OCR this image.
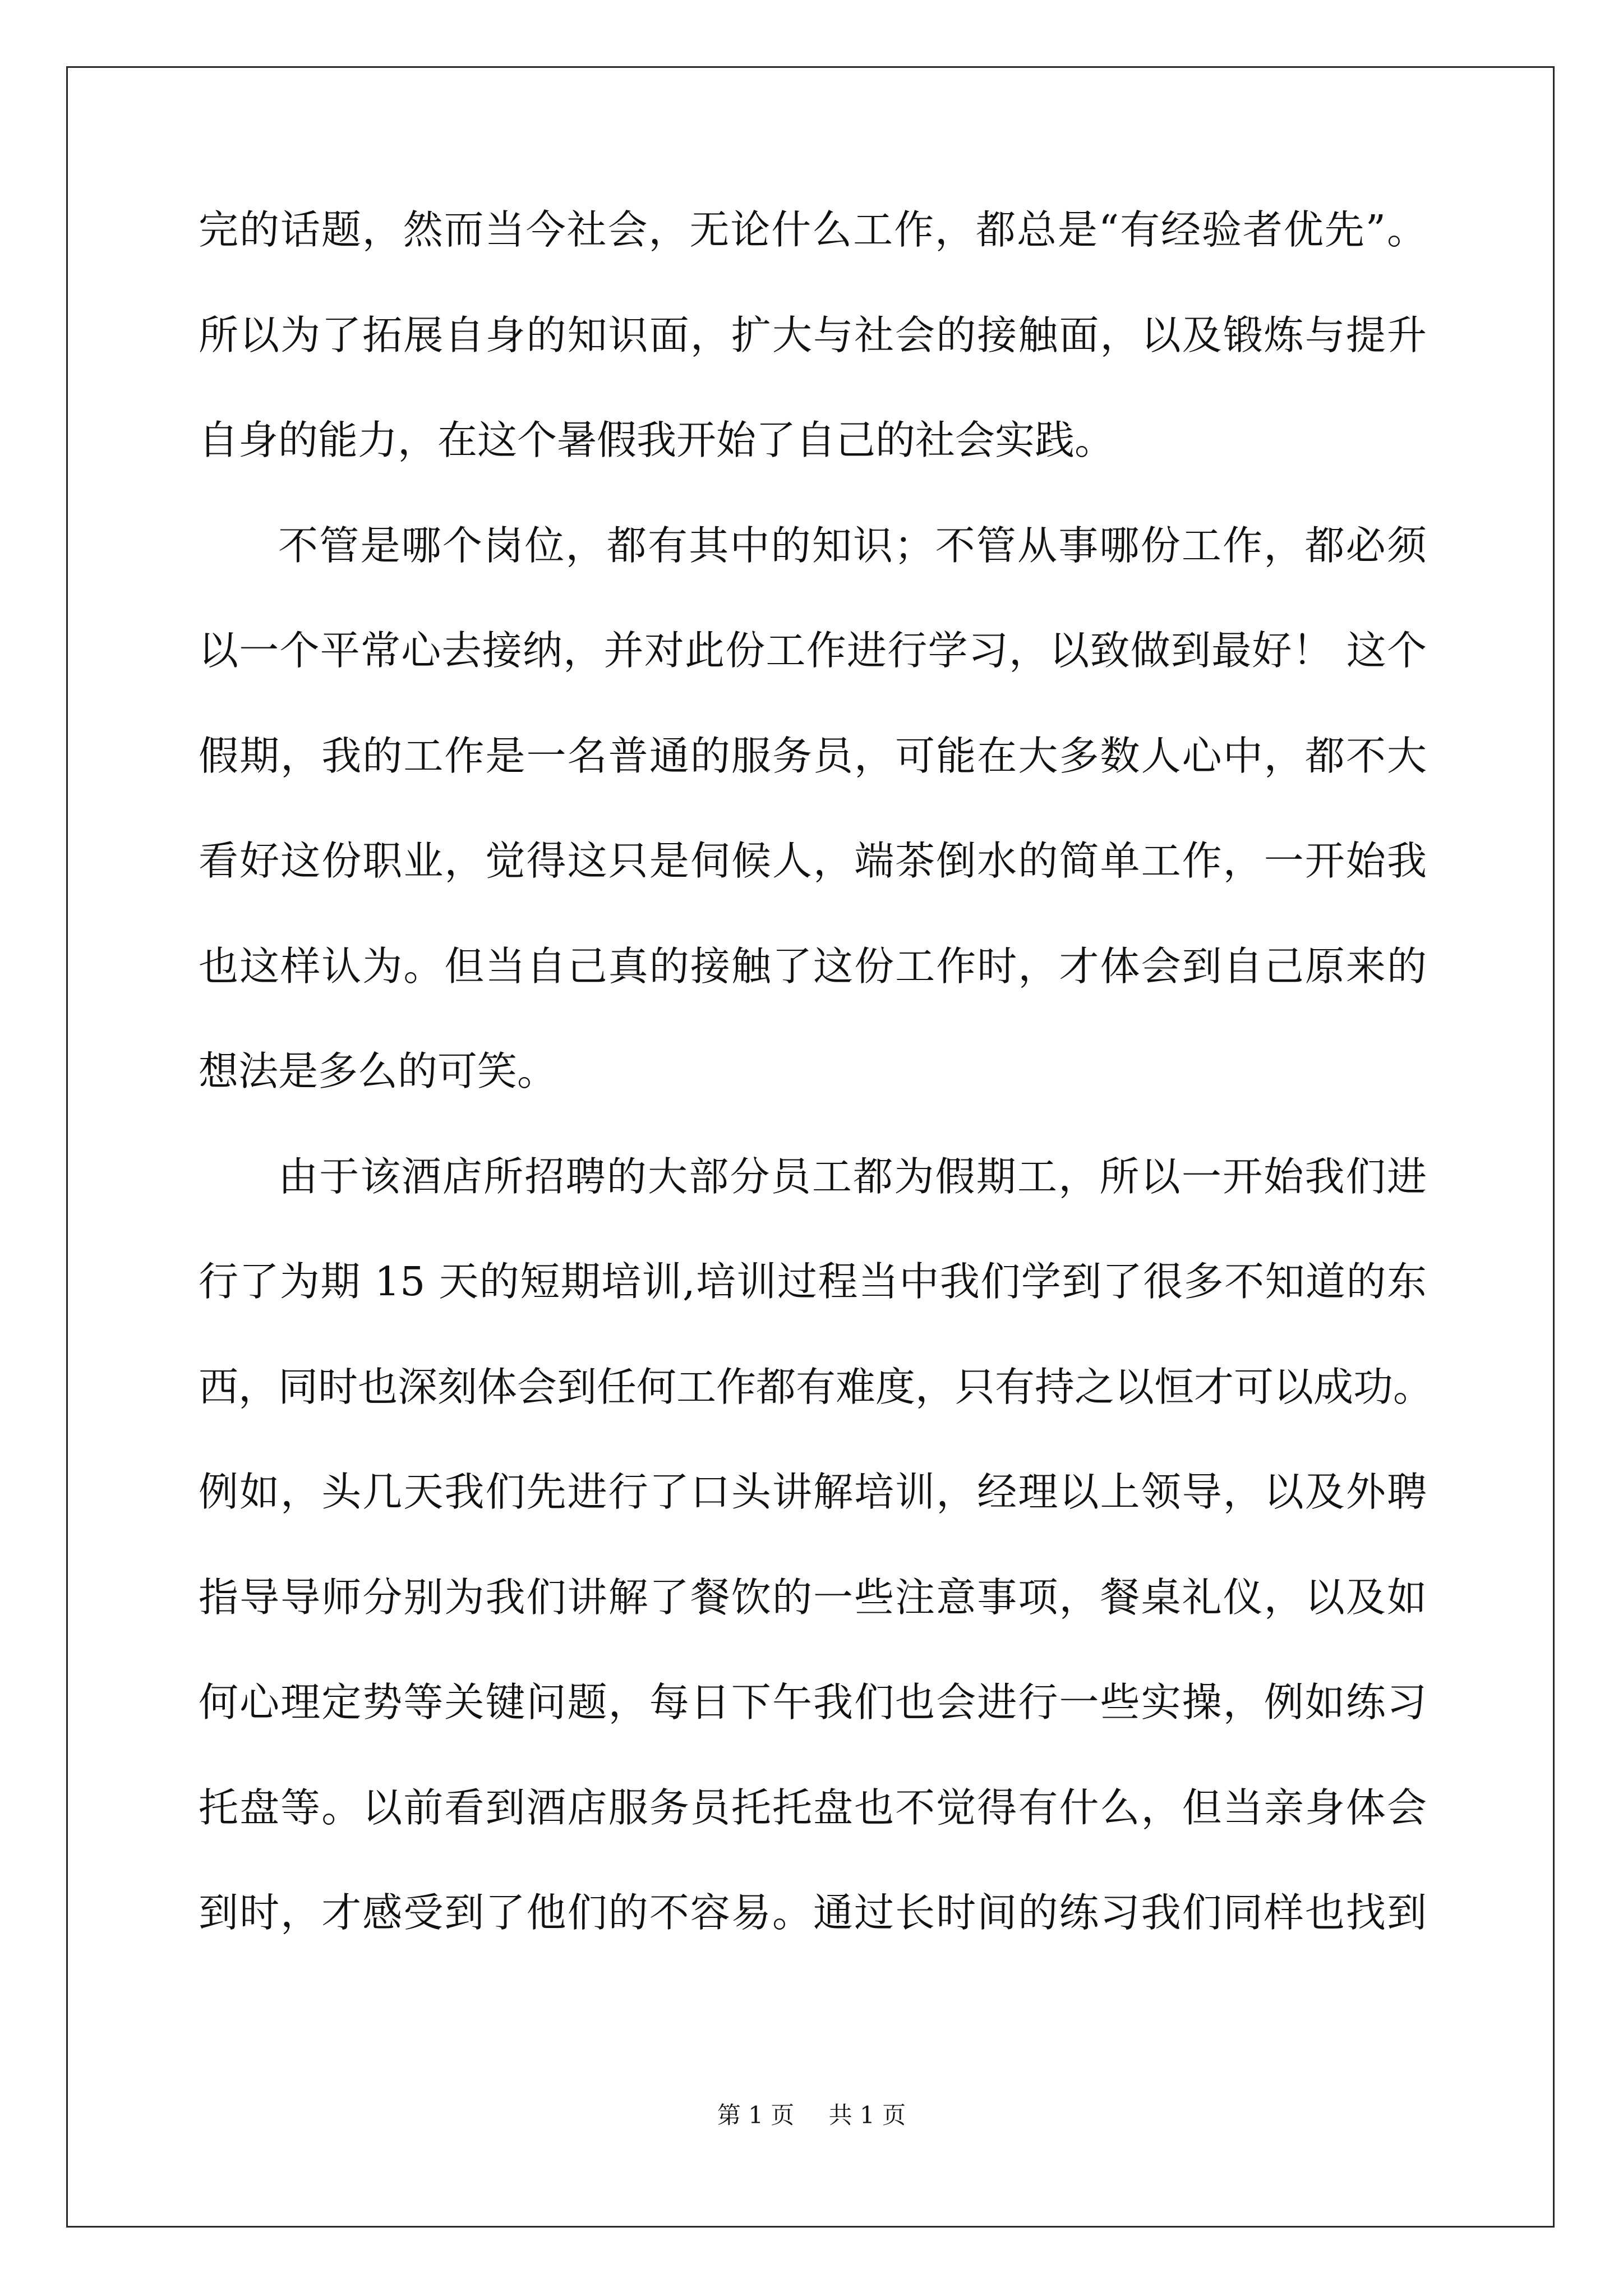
完的话题，然而当今社会，无论什么工作，都总是“有经验者优先”。
所以为了拓展自身的知识面，扩大与社会的接触面，以及锻炼与提升
自身的能力，在这个暑假我开始了自己的社会实践。
不管是哪个岗位，都有其中的知识；不管从事哪份工作，都必须
以一个平常心去接纳，并对此份工作进行学习，以致做到最好！ 这个
假期，我的工作是一名普通的服务员，可能在大多数人心中，都不大
看好这份职业，觉得这只是伺候人，端茶倒水的简单工作，一开始我
也这样认为。但当自己真的接触了这份工作时，才体会到自己原来的
想法是多么的可笑。
由于该酒店所招聘的大部分员工都为假期工，所以一开始我们进
行了为期 15 天的短期培训,培训过程当中我们学到了很多不知道的东
西，同时也深刻体会到任何工作都有难度，只有持之以恒才可以成功。
例如，头几天我们先进行了口头讲解培训，经理以上领导，以及外聘
指导导师分别为我们讲解了餐饮的一些注意事项，餐桌礼仪，以及如
何心理定势等关键问题，每日下午我们也会进行一些实操，例如练习
托盘等。以前看到酒店服务员托托盘也不觉得有什么，但当亲身体会
到时，才感受到了他们的不容易。通过长时间的练习我们同样也找到
第 1 页 共 1 页
